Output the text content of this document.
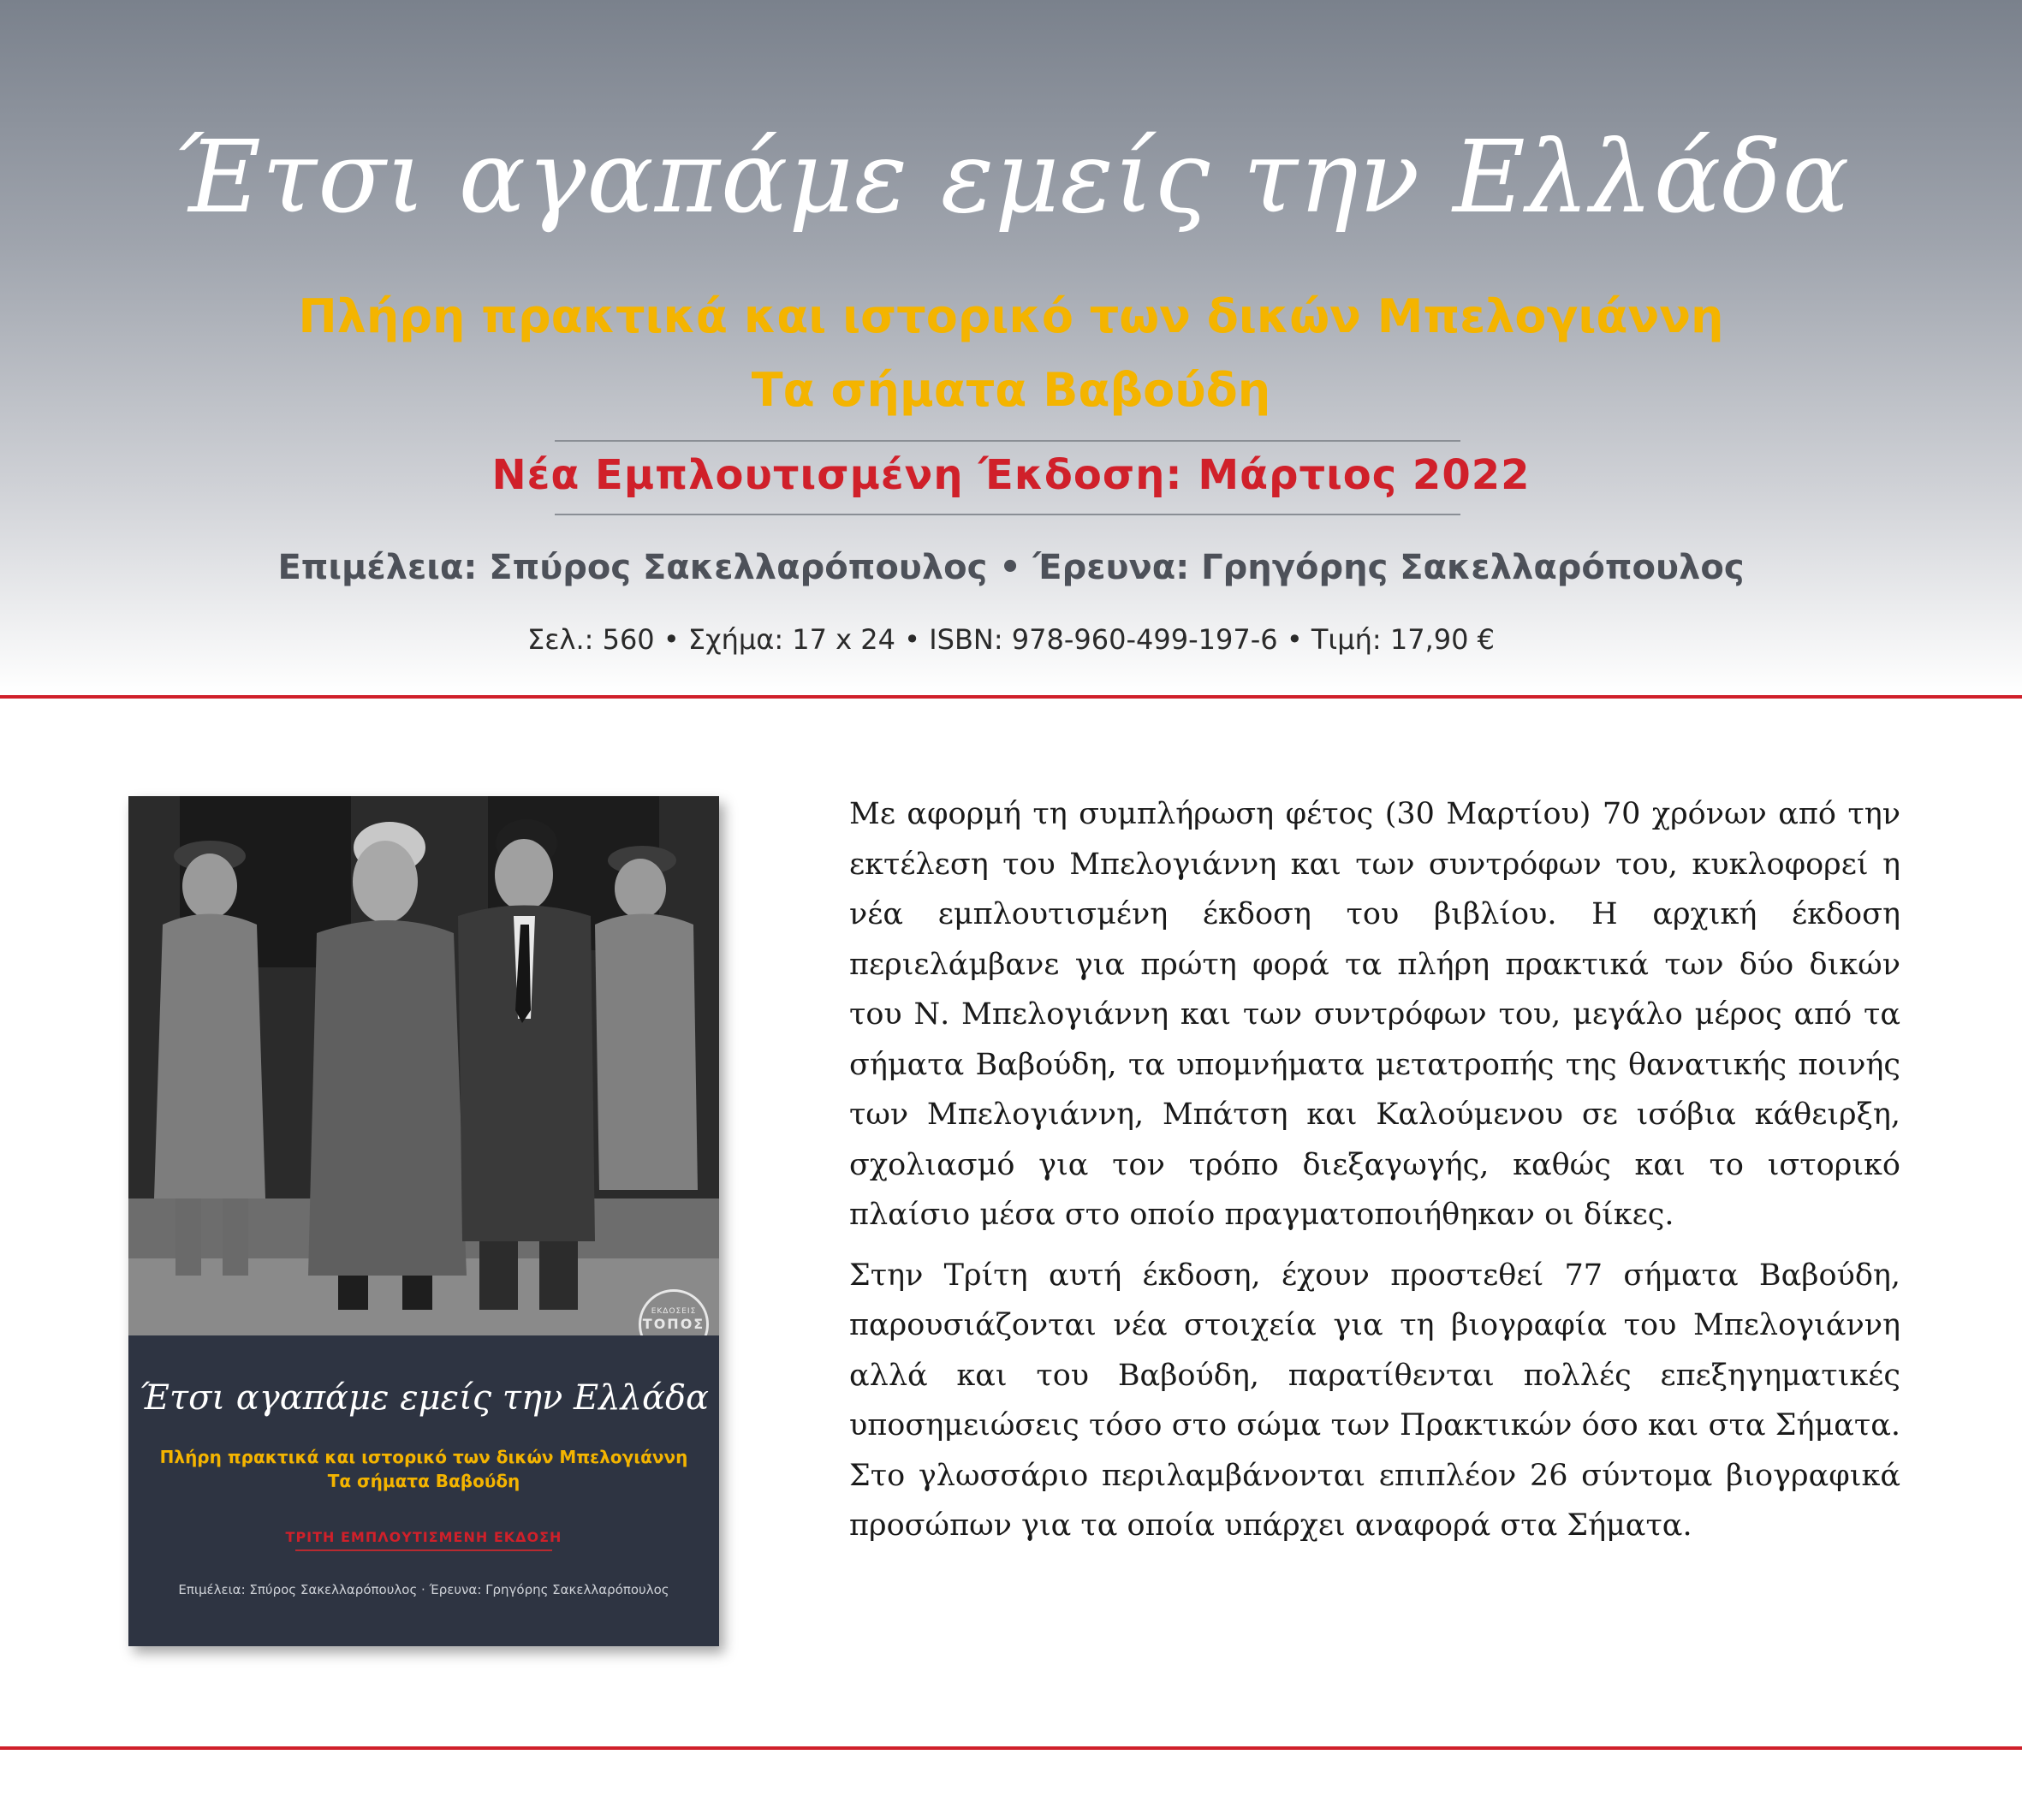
Έτσι αγαπάμε εμείς την Ελλάδα
Πλήρη πρακτικά και ιστορικό των δικών Μπελογιάννη
Τα σήματα Βαβούδη
Νέα Εμπλουτισμένη Έκδοση: Μάρτιος 2022
Επιμέλεια: Σπύρος Σακελλαρόπουλος • Έρευνα: Γρηγόρης Σακελλαρόπουλος
Σελ.: 560 • Σχήμα: 17 x 24 • ISBN: 978-960-499-197-6 • Τιμή: 17,90 €
ΕΚΔΟΣΕΙΣ
ΤΟΠΟΣ
Έτσι αγαπάμε εμείς την Ελλάδα
Πλήρη πρακτικά και ιστορικό των δικών Μπελογιάννη
Τα σήματα Βαβούδη
ΤΡΙΤΗ ΕΜΠΛΟΥΤΙΣΜΕΝΗ ΕΚΔΟΣΗ
Επιμέλεια: Σπύρος Σακελλαρόπουλος · Έρευνα: Γρηγόρης Σακελλαρόπουλος

Με αφορμή τη συμπλήρωση φέτος (30 Μαρτίου) 70 χρόνων από την εκτέλεση του Μπελογιάννη και των συντρόφων του, κυκλοφορεί η νέα εμπλουτισμένη έκδοση του βιβλίου. Η αρχική έκδοση περιελάμβανε για πρώτη φορά τα πλήρη πρακτικά των δύο δικών του Ν. Μπελογιάννη και των συντρόφων του, μεγάλο μέρος από τα σήματα Βαβούδη, τα υπομνήματα μετατροπής της θανατικής ποινής των Μπελογιάννη, Μπάτση και Καλούμενου σε ισόβια κάθειρξη, σχολιασμό για τον τρόπο διεξαγωγής, καθώς και το ιστορικό πλαίσιο μέσα στο οποίο πραγματοποιήθηκαν οι δίκες.

Στην Τρίτη αυτή έκδοση, έχουν προστεθεί 77 σήματα Βαβούδη, παρουσιάζονται νέα στοιχεία για τη βιογραφία του Μπελογιάννη αλλά και του Βαβούδη, παρατίθενται πολλές επεξηγηματικές υποσημειώσεις τόσο στο σώμα των Πρακτικών όσο και στα Σήματα. Στο γλωσσάριο περιλαμβάνονται επιπλέον 26 σύντομα βιογραφικά προσώπων για τα οποία υπάρχει αναφορά στα Σήματα.
